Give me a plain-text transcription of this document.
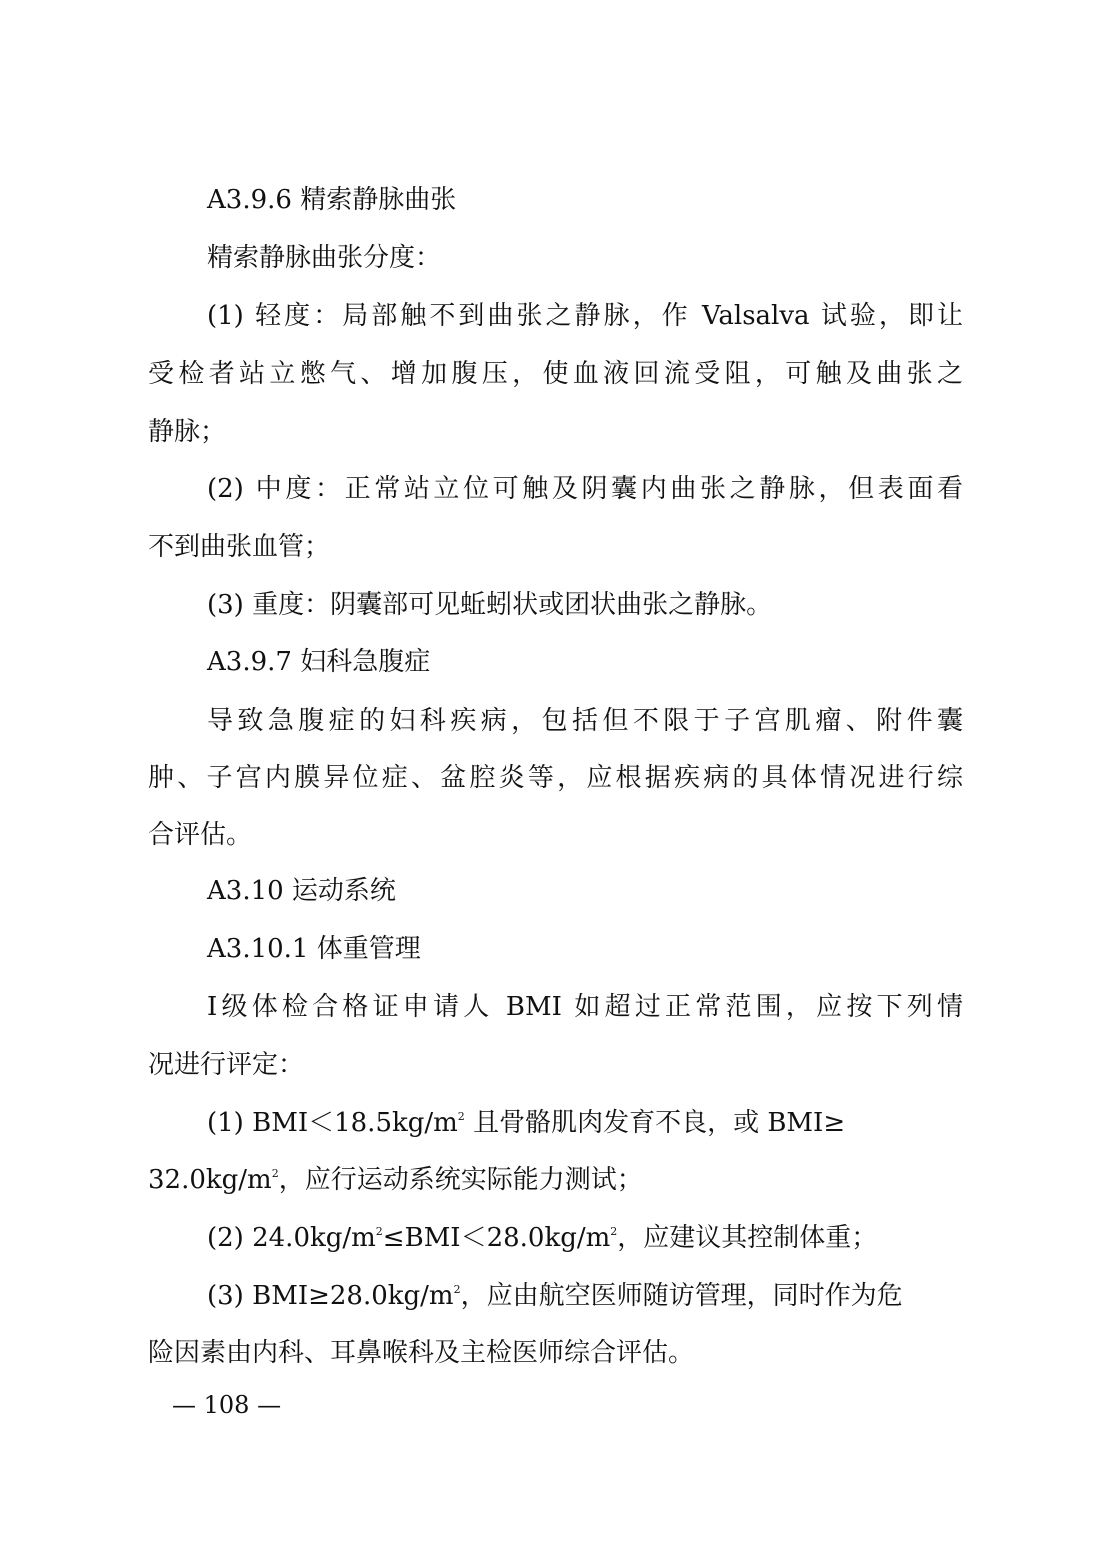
A3.9.6 精索静脉曲张

精索静脉曲张分度：

(1) 轻度：局部触不到曲张之静脉，作 Valsalva 试验，即让

受检者站立憋气、增加腹压，使血液回流受阻，可触及曲张之

静脉；

(2) 中度：正常站立位可触及阴囊内曲张之静脉，但表面看

不到曲张血管；

(3) 重度：阴囊部可见蚯蚓状或团状曲张之静脉。

A3.9.7 妇科急腹症

导致急腹症的妇科疾病，包括但不限于子宫肌瘤、附件囊

肿、子宫内膜异位症、盆腔炎等，应根据疾病的具体情况进行综

合评估。

A3.10 运动系统

A3.10.1 体重管理

Ⅰ级体检合格证申请人 BMI 如超过正常范围，应按下列情

况进行评定：

(1) $BMI<18.5kg/m^2$ 且骨骼肌肉发育不良，或 BMI≥

$32.0kg/m^2$，应行运动系统实际能力测试；

(2) $24.0kg/m^2\le BMI<28.0kg/m^2$，应建议其控制体重；

(3) $BMI\ge 28.0kg/m^2$，应由航空医师随访管理，同时作为危

险因素由内科、耳鼻喉科及主检医师综合评估。

— 108 —
